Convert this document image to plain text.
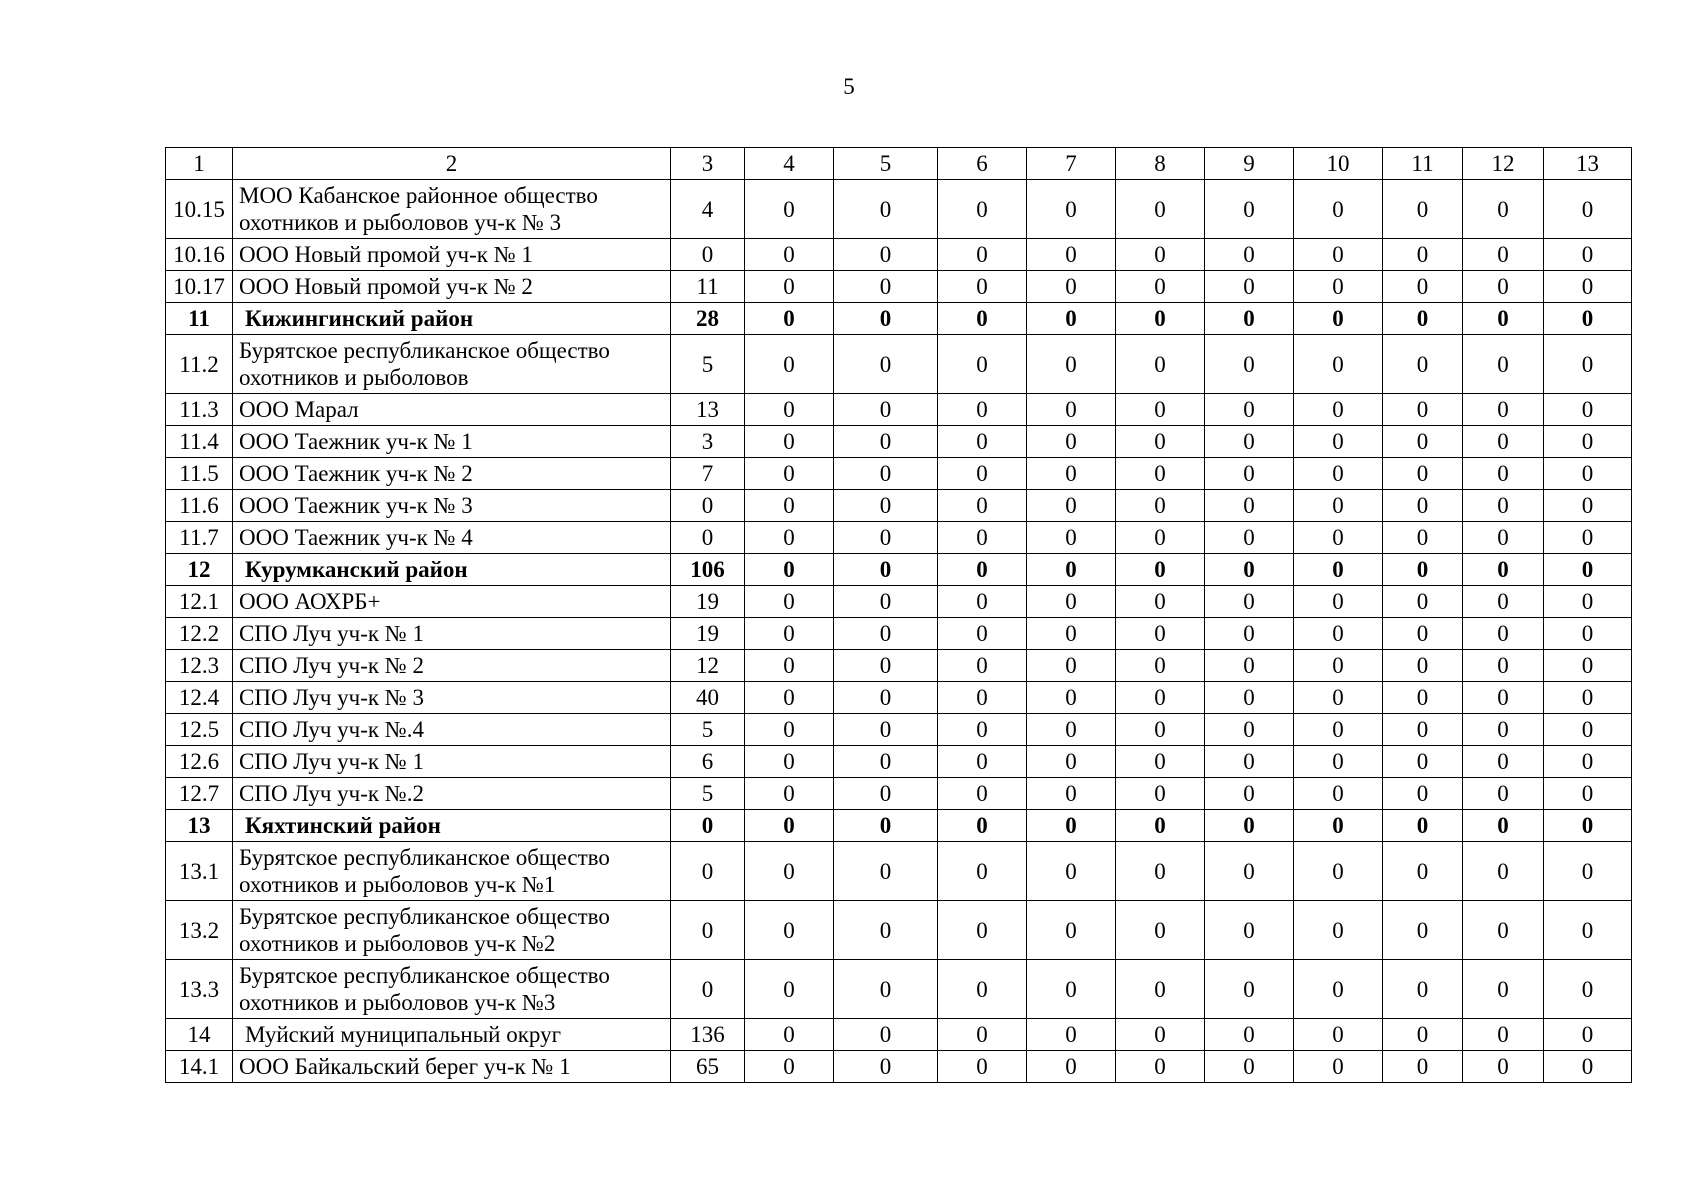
5
1	2	3	4	5	6	7	8	9	10	11	12	13
10.15	МОО Кабанское районное общество охотников и рыболовов уч-к № 3	4	0	0	0	0	0	0	0	0	0	0
10.16	ООО Новый промой уч-к № 1	0	0	0	0	0	0	0	0	0	0	0
10.17	ООО Новый промой уч-к № 2	11	0	0	0	0	0	0	0	0	0	0
11	Кижингинский район	28	0	0	0	0	0	0	0	0	0	0
11.2	Бурятское республиканское общество охотников и рыболовов	5	0	0	0	0	0	0	0	0	0	0
11.3	ООО Марал	13	0	0	0	0	0	0	0	0	0	0
11.4	ООО Таежник уч-к № 1	3	0	0	0	0	0	0	0	0	0	0
11.5	ООО Таежник уч-к № 2	7	0	0	0	0	0	0	0	0	0	0
11.6	ООО Таежник уч-к № 3	0	0	0	0	0	0	0	0	0	0	0
11.7	ООО Таежник уч-к № 4	0	0	0	0	0	0	0	0	0	0	0
12	Курумканский район	106	0	0	0	0	0	0	0	0	0	0
12.1	ООО АОХРБ+	19	0	0	0	0	0	0	0	0	0	0
12.2	СПО Луч уч-к № 1	19	0	0	0	0	0	0	0	0	0	0
12.3	СПО Луч уч-к № 2	12	0	0	0	0	0	0	0	0	0	0
12.4	СПО Луч уч-к № 3	40	0	0	0	0	0	0	0	0	0	0
12.5	СПО Луч уч-к №.4	5	0	0	0	0	0	0	0	0	0	0
12.6	СПО Луч уч-к № 1	6	0	0	0	0	0	0	0	0	0	0
12.7	СПО Луч уч-к №.2	5	0	0	0	0	0	0	0	0	0	0
13	Кяхтинский район	0	0	0	0	0	0	0	0	0	0	0
13.1	Бурятское республиканское общество охотников и рыболовов уч-к №1	0	0	0	0	0	0	0	0	0	0	0
13.2	Бурятское республиканское общество охотников и рыболовов уч-к №2	0	0	0	0	0	0	0	0	0	0	0
13.3	Бурятское республиканское общество охотников и рыболовов уч-к №3	0	0	0	0	0	0	0	0	0	0	0
14	Муйский муниципальный округ	136	0	0	0	0	0	0	0	0	0	0
14.1	ООО Байкальский берег уч-к № 1	65	0	0	0	0	0	0	0	0	0	0
